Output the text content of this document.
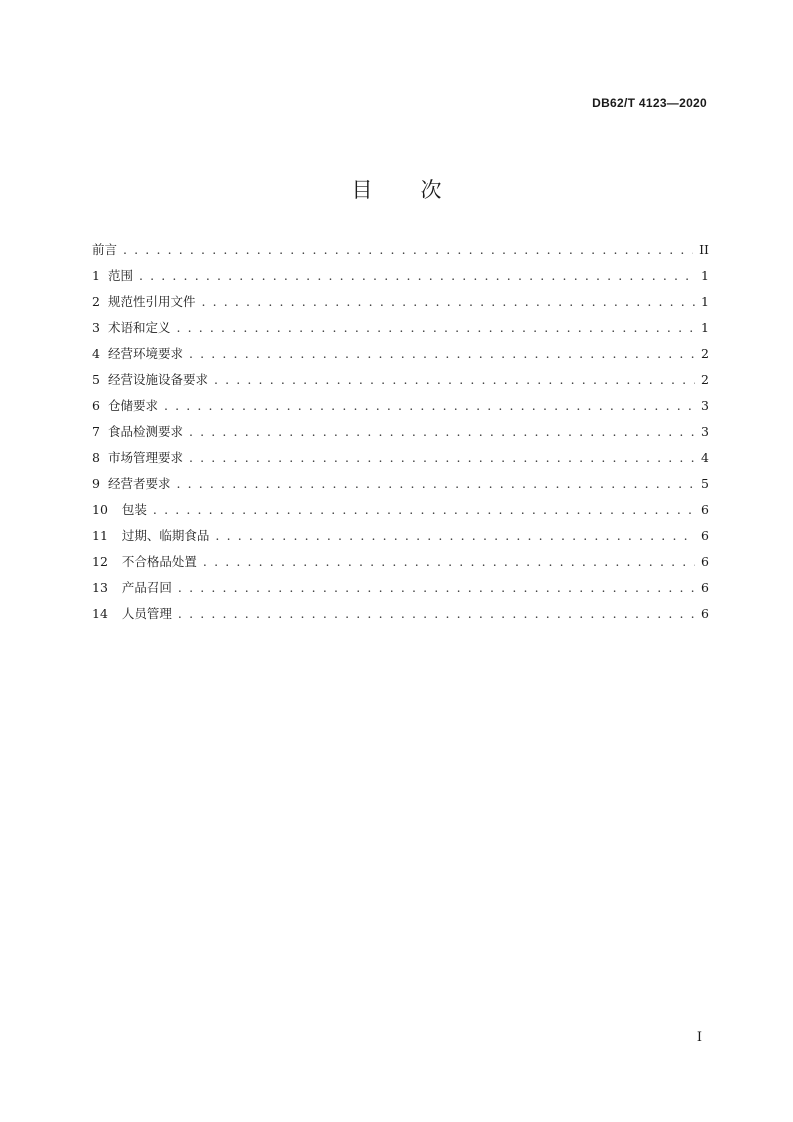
DB62/T 4123—2020
目次
前言 . . .	II
1 范围 . . .	1
2 规范性引用文件 . . .	1
3 术语和定义 . . .	1
4 经营环境要求 . . .	2
5 经营设施设备要求 . . .	2
6 仓储要求 . . .	3
7 食品检测要求 . . .	3
8 市场管理要求 . . .	4
9 经营者要求 . . .	5
10 包装 . . .	6
11 过期、临期食品 . . .	6
12 不合格品处置 . . .	6
13 产品召回 . . .	6
14 人员管理 . . .	6
I
